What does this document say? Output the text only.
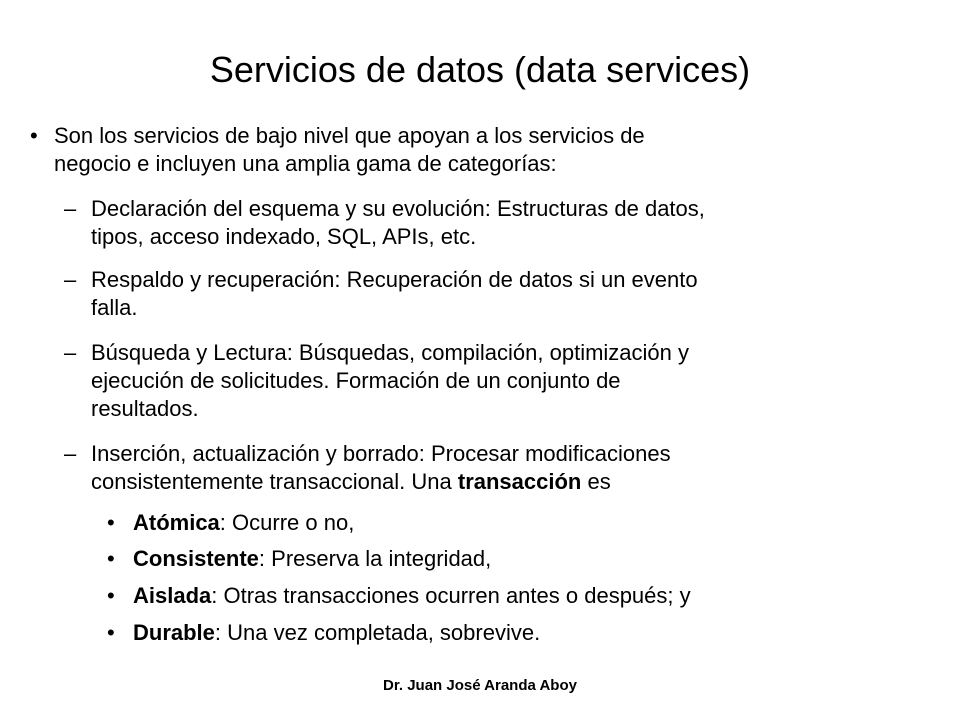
Servicios de datos (data services)
• Son los servicios de bajo nivel que apoyan a los servicios de
negocio e incluyen una amplia gama de categorías:
– Declaración del esquema y su evolución: Estructuras de datos,
tipos, acceso indexado, SQL, APIs, etc.
– Respaldo y recuperación: Recuperación de datos si un evento
falla.
– Búsqueda y Lectura: Búsquedas, compilación, optimización y
ejecución de solicitudes. Formación de un conjunto de
resultados.
– Inserción, actualización y borrado: Procesar modificaciones
consistentemente transaccional. Una transacción es
• Atómica: Ocurre o no,
• Consistente: Preserva la integridad,
• Aislada: Otras transacciones ocurren antes o después; y
• Durable: Una vez completada, sobrevive.
Dr. Juan José Aranda Aboy
